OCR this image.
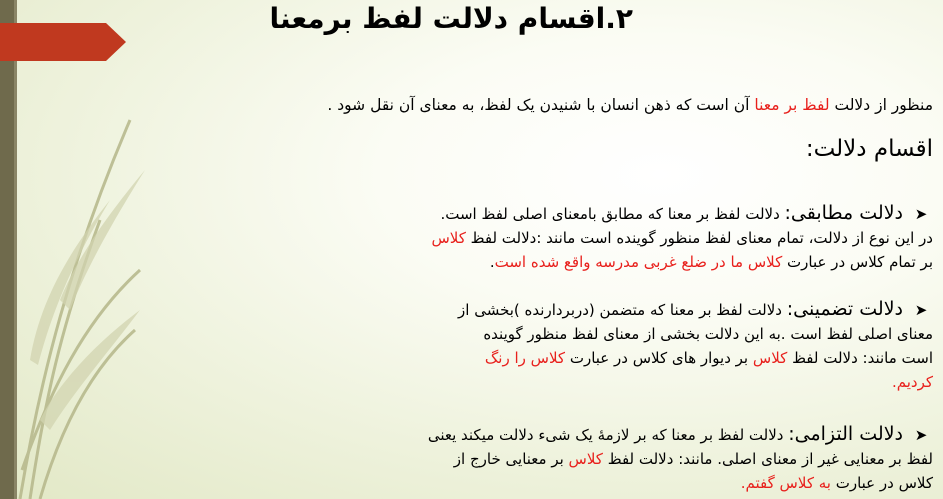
٢.اقسام دلالت لفظ برمعنا
منظور از دلالت لفظ بر معنا آن است که ذهن انسان با شنیدن یک لفظ، به معنای آن نقل شود .
اقسام دلالت:
➤دلالت مطابقی: دلالت لفظ بر معنا که مطابق بامعنای اصلی لفظ است.
در این نوع از دلالت، تمام معنای لفظ منظور گوینده است مانند :دلالت لفظ کلاس
بر تمام کلاس در عبارت کلاس ما در ضلع غربی مدرسه واقع شده است.
➤دلالت تضمینی: دلالت لفظ بر معنا که متضمن (دربردارنده )بخشی از
معنای اصلی لفظ است .به این دلالت بخشی از معنای لفظ منظور گوینده
است مانند: دلالت لفظ کلاس بر دیوار های کلاس در عبارت کلاس را رنگ
کردیم.
➤دلالت التزامی: دلالت لفظ بر معنا که بر لازمهٔ یک شیء دلالت میکند یعنی
لفظ بر معنایی غیر از معنای اصلی. مانند: دلالت لفظ کلاس بر معنایی خارج از
کلاس در عبارت به کلاس گفتم.
